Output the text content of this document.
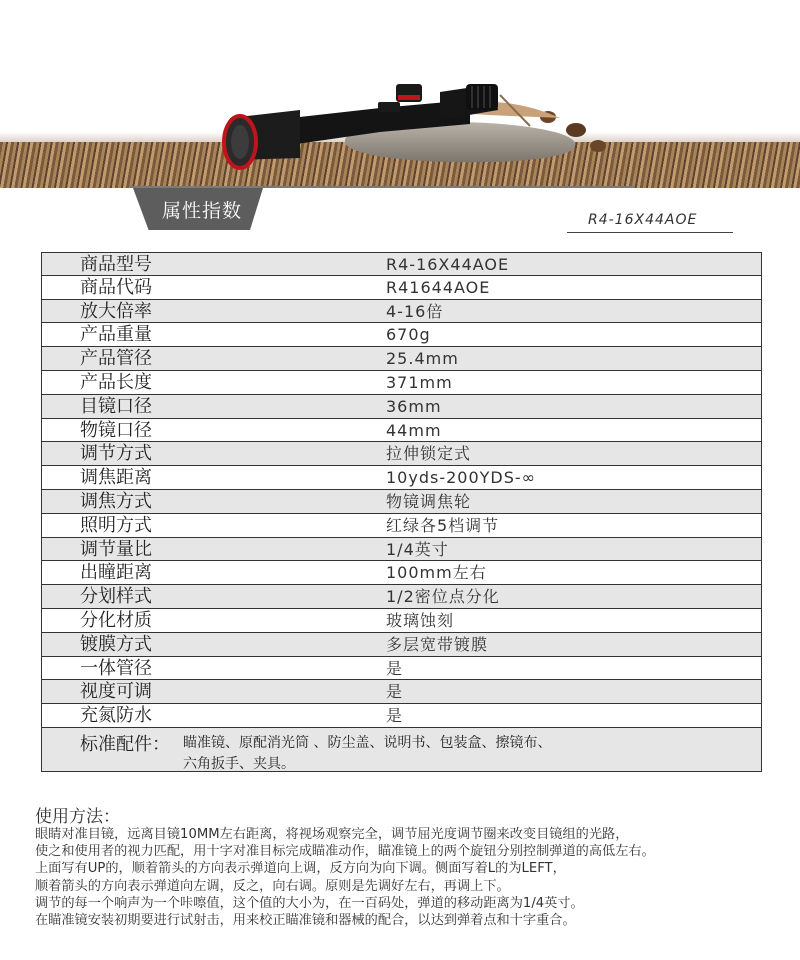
属性指数	R4-16X44AOE
商品型号	R4-16X44AOE
商品代码	R41644AOE
放大倍率	4-16倍
产品重量	670g
产品管径	25.4mm
产品长度	371mm
目镜口径	36mm
物镜口径	44mm
调节方式	拉伸锁定式
调焦距离	10yds-200YDS-∞
调焦方式	物镜调焦轮
照明方式	红绿各5档调节
调节量比	1/4英寸
出瞳距离	100mm左右
分划样式	1/2密位点分化
分化材质	玻璃蚀刻
镀膜方式	多层宽带镀膜
一体管径	是
视度可调	是
充氮防水	是
标准配件： 瞄准镜、原配消光筒 、防尘盖、说明书、包装盒、擦镜布、
六角扳手、夹具。
使用方法：
眼睛对准目镜，远离目镜10MM左右距离，将视场观察完全，调节屈光度调节圈来改变目镜组的光路，
使之和使用者的视力匹配，用十字对准目标完成瞄准动作，瞄准镜上的两个旋钮分别控制弹道的高低左右。
上面写有UP的，顺着箭头的方向表示弹道向上调，反方向为向下调。侧面写着L的为LEFT，
顺着箭头的方向表示弹道向左调，反之，向右调。原则是先调好左右，再调上下。
调节的每一个响声为一个咔嚓值，这个值的大小为，在一百码处，弹道的移动距离为1/4英寸。
在瞄准镜安装初期要进行试射击，用来校正瞄准镜和器械的配合，以达到弹着点和十字重合。
